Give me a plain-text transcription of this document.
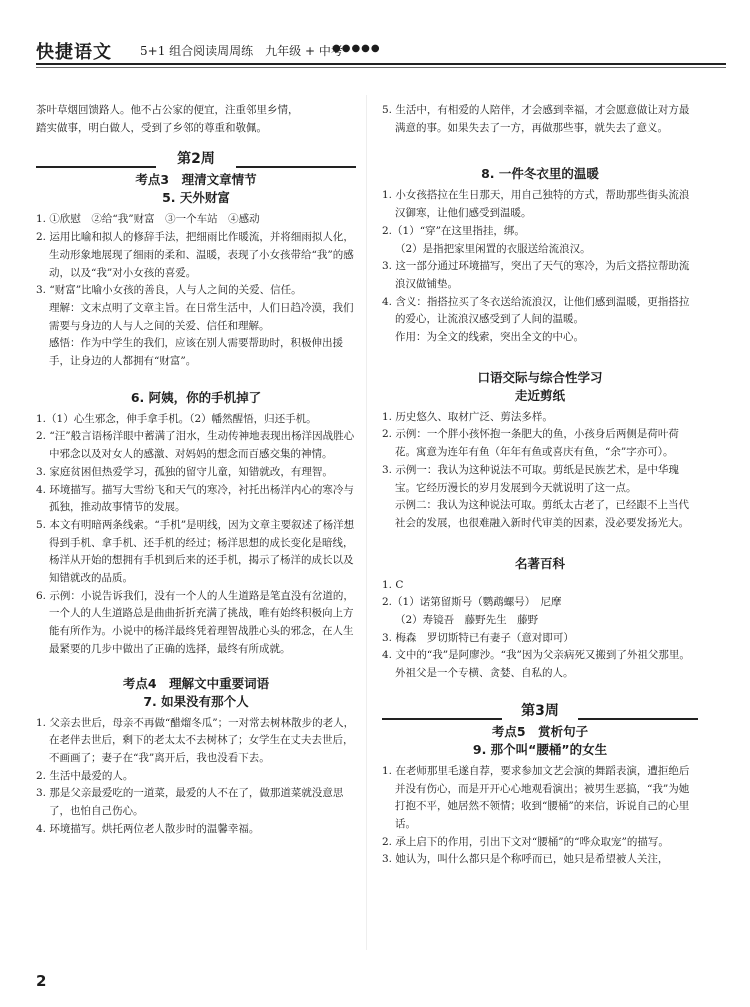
快捷语文 5+1 组合阅读周周练　九年级 + 中考
●●●●●

茶叶草烟回馈路人。他不占公家的便宜，注重邻里乡情，

踏实做事，明白做人，受到了乡邻的尊重和敬佩。

第2周
考点3　理清文章情节
5. 天外财富

1. ①欣慰　②给“我”财富　③一个车站　④感动

2. 运用比喻和拟人的修辞手法，把细雨比作暖流，并将细雨拟人化，生动形象地展现了细雨的柔和、温暖，表现了小女孩带给“我”的感动，以及“我”对小女孩的喜爱。

3. “财富”比喻小女孩的善良，人与人之间的关爱、信任。

理解：文末点明了文章主旨。在日常生活中，人们日趋冷漠，我们需要与身边的人与人之间的关爱、信任和理解。

感悟：作为中学生的我们，应该在别人需要帮助时，积极伸出援手，让身边的人都拥有“财富”。

6. 阿姨，你的手机掉了

1.（1）心生邪念，伸手拿手机。（2）幡然醒悟，归还手机。

2. “汪”般言语杨洋眼中蓄满了泪水，生动传神地表现出杨洋因战胜心中邪念以及对女人的感激、对妈妈的想念而百感交集的神情。

3. 家庭贫困但热爱学习，孤独的留守儿童，知错就改，有理智。

4. 环境描写。描写大雪纷飞和天气的寒冷，衬托出杨洋内心的寒冷与孤独，推动故事情节的发展。

5. 本文有明暗两条线索。“手机”是明线，因为文章主要叙述了杨洋想得到手机、拿手机、还手机的经过；杨洋思想的成长变化是暗线，杨洋从开始的想拥有手机到后来的还手机，揭示了杨洋的成长以及知错就改的品质。

6. 示例：小说告诉我们，没有一个人的人生道路是笔直没有岔道的，一个人的人生道路总是曲曲折折充满了挑战，唯有始终积极向上方能有所作为。小说中的杨洋最终凭着理智战胜心头的邪念，在人生最紧要的几步中做出了正确的选择，最终有所成就。

考点4　理解文中重要词语
7. 如果没有那个人

1. 父亲去世后，母亲不再做“醋熘冬瓜”；一对常去树林散步的老人，在老伴去世后，剩下的老太太不去树林了；女学生在丈夫去世后，不画画了；妻子在“我”离开后，我也没看下去。

2. 生活中最爱的人。

3. 那是父亲最爱吃的一道菜，最爱的人不在了，做那道菜就没意思了，也怕自己伤心。

4. 环境描写。烘托两位老人散步时的温馨幸福。

5. 生活中，有相爱的人陪伴，才会感到幸福，才会愿意做让对方最满意的事。如果失去了一方，再做那些事，就失去了意义。

8. 一件冬衣里的温暖

1. 小女孩搭拉在生日那天，用自己独特的方式，帮助那些街头流浪汉御寒，让他们感受到温暖。

2.（1）“穿”在这里指挂，绑。

（2）是指把家里闲置的衣服送给流浪汉。

3. 这一部分通过环境描写，突出了天气的寒冷，为后文搭拉帮助流浪汉做铺垫。

4. 含义：指搭拉买了冬衣送给流浪汉，让他们感到温暖，更指搭拉的爱心，让流浪汉感受到了人间的温暖。

作用：为全文的线索，突出全文的中心。

口语交际与综合性学习
走近剪纸

1. 历史悠久、取材广泛、剪法多样。

2. 示例：一个胖小孩怀抱一条肥大的鱼，小孩身后两侧是荷叶荷花。寓意为连年有鱼（年年有鱼或喜庆有鱼，“余”字亦可）。

3. 示例一：我认为这种说法不可取。剪纸是民族艺术，是中华瑰宝。它经历漫长的岁月发展到今天就说明了这一点。

示例二：我认为这种说法可取。剪纸太古老了，已经跟不上当代社会的发展，也很难融入新时代审美的因素，没必要发扬光大。

名著百科

1. C

2.（1）诺第留斯号（鹦鹉螺号）　尼摩

（2）寿镜吾　藤野先生　藤野

3. 梅森　罗切斯特已有妻子（意对即可）

4. 文中的“我”是阿廖沙。“我”因为父亲病死又搬到了外祖父那里。外祖父是一个专横、贪婪、自私的人。

第3周
考点5　赏析句子
9. 那个叫“腰桶”的女生

1. 在老师那里毛遂自荐，要求参加文艺会演的舞蹈表演，遭拒绝后并没有伤心，而是开开心心地观看演出；被男生恶搞，“我”为她打抱不平，她居然不领情；收到“腰桶”的来信，诉说自己的心里话。

2. 承上启下的作用，引出下文对“腰桶”的“哗众取宠”的描写。

3. 她认为，叫什么都只是个称呼而已，她只是希望被人关注，

2
